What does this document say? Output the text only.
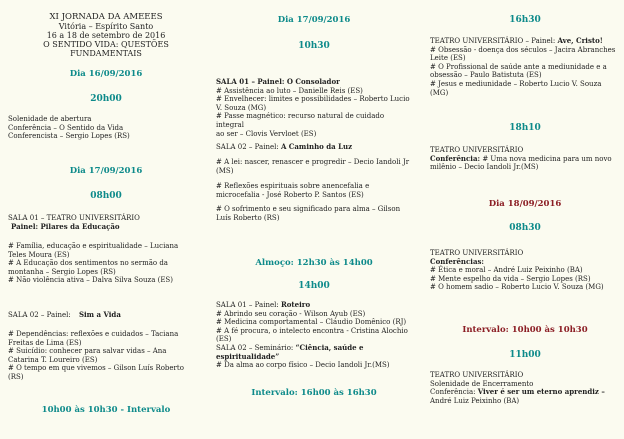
XI JORNADA DA AMEEES
Vitória – Espírito Santo
16 a 18 de setembro de 2016
O SENTIDO VIDA: QUESTÕES FUNDAMENTAIS

Dia 16/09/2016

20h00

Solenidade de abertura
Conferência – O Sentido da Vida
Conferencista – Sergio Lopes (RS)

Dia 17/09/2016

08h00

SALA 01 – TEATRO UNIVERSITÁRIO
Painel: Pilares da Educação
# Família, educação e espiritualidade – Luciana
Teles Moura (ES)
# A Educação dos sentimentos no sermão da
montanha – Sergio Lopes (RS)
# Não violência ativa – Dalva Silva Souza (ES)
SALA 02 – Painel: Sim a Vida
# Dependências: reflexões e cuidados – Taciana
Freitas de Lima (ES)
# Suicídio: conhecer para salvar vidas – Ana
Catarina T. Loureiro (ES)
# O tempo em que vivemos – Gilson Luís Roberto
(RS)

10h00 às 10h30 - Intervalo

Dia 17/09/2016

10h30

SALA 01 – Painel: O Consolador
# Assistência ao luto – Danielle Reis (ES)
# Envelhecer: limites e possibilidades – Roberto Lucio
V. Souza (MG)
# Passe magnético: recurso natural de cuidado integral
ao ser – Clovis Vervloet (ES)
SALA 02 – Painel: A Caminho da Luz
# A lei: nascer, renascer e progredir – Decio Iandoli Jr
(MS)
# Reflexões espirituais sobre anencefalia e
microcefalia - José Roberto P. Santos (ES)
# O sofrimento e seu significado para alma – Gilson
Luís Roberto (RS)

Almoço: 12h30 às 14h00

14h00

SALA 01 – Painel: Roteiro
# Abrindo seu coração - Wilson Ayub (ES)
# Medicina comportamental – Cláudio Domênico (RJ)
# A fé procura, o intelecto encontra - Cristina Alochio
(ES)
SALA 02 – Seminário: “Ciência, saúde e espiritualidade”
# Da alma ao corpo físico – Decio Iandoli Jr.(MS)

Intervalo: 16h00 às 16h30

16h30

TEATRO UNIVERSITÁRIO – Painel: Ave, Cristo!
# Obsessão - doença dos séculos – Jacira Abranches
Leite (ES)
# O Profissional de saúde ante a mediunidade e a
obsessão – Paulo Batistuta (ES)
# Jesus e mediunidade – Roberto Lucio V. Souza
(MG)

18h10

TEATRO UNIVERSITÁRIO
Conferência: # Uma nova medicina para um novo
milênio – Decio Iandoli Jr.(MS)

Dia 18/09/2016

08h30

TEATRO UNIVERSITÁRIO
Conferências:
# Ética e moral – André Luiz Peixinho (BA)
# Mente espelho da vida – Sergio Lopes (RS)
# O homem sadio – Roberto Lucio V. Souza (MG)

Intervalo: 10h00 às 10h30

11h00

TEATRO UNIVERSITÁRIO
Solenidade de Encerramento
Conferência: Viver é ser um eterno aprendiz –
André Luiz Peixinho (BA)
